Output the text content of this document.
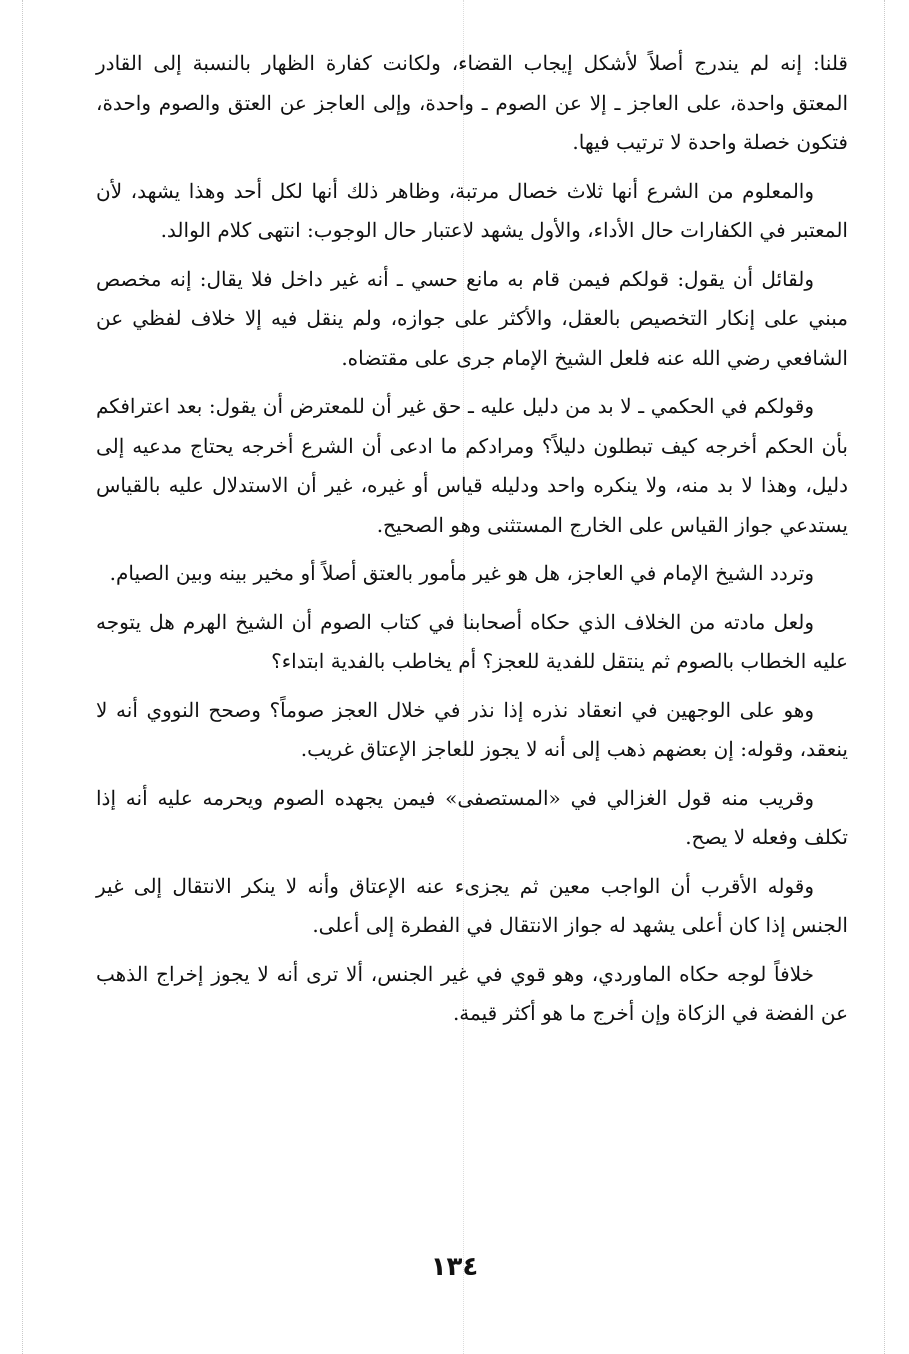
قلنا: إنه لم يندرج أصلاً لأشكل إيجاب القضاء، ولكانت كفارة الظهار بالنسبة إلى القادر المعتق واحدة، على العاجز ـ إلا عن الصوم ـ واحدة، وإلى العاجز عن العتق والصوم واحدة، فتكون خصلة واحدة لا ترتيب فيها.

والمعلوم من الشرع أنها ثلاث خصال مرتبة، وظاهر ذلك أنها لكل أحد وهذا يشهد، لأن المعتبر في الكفارات حال الأداء، والأول يشهد لاعتبار حال الوجوب: انتهى كلام الوالد.

ولقائل أن يقول: قولكم فيمن قام به مانع حسي ـ أنه غير داخل فلا يقال: إنه مخصص مبني على إنكار التخصيص بالعقل، والأكثر على جوازه، ولم ينقل فيه إلا خلاف لفظي عن الشافعي رضي الله عنه فلعل الشيخ الإمام جرى على مقتضاه.

وقولكم في الحكمي ـ لا بد من دليل عليه ـ حق غير أن للمعترض أن يقول: بعد اعترافكم بأن الحكم أخرجه كيف تبطلون دليلاً؟ ومرادكم ما ادعى أن الشرع أخرجه يحتاج مدعيه إلى دليل، وهذا لا بد منه، ولا ينكره واحد ودليله قياس أو غيره، غير أن الاستدلال عليه بالقياس يستدعي جواز القياس على الخارج المستثنى وهو الصحيح.

وتردد الشيخ الإمام في العاجز، هل هو غير مأمور بالعتق أصلاً أو مخير بينه وبين الصيام.

ولعل مادته من الخلاف الذي حكاه أصحابنا في كتاب الصوم أن الشيخ الهرم هل يتوجه عليه الخطاب بالصوم ثم ينتقل للفدية للعجز؟ أم يخاطب بالفدية ابتداء؟

وهو على الوجهين في انعقاد نذره إذا نذر في خلال العجز صوماً؟ وصحح النووي أنه لا ينعقد، وقوله: إن بعضهم ذهب إلى أنه لا يجوز للعاجز الإعتاق غريب.

وقريب منه قول الغزالي في «المستصفى» فيمن يجهده الصوم ويحرمه عليه أنه إذا تكلف وفعله لا يصح.

وقوله الأقرب أن الواجب معين ثم يجزىء عنه الإعتاق وأنه لا ينكر الانتقال إلى غير الجنس إذا كان أعلى يشهد له جواز الانتقال في الفطرة إلى أعلى.

خلافاً لوجه حكاه الماوردي، وهو قوي في غير الجنس، ألا ترى أنه لا يجوز إخراج الذهب عن الفضة في الزكاة وإن أخرج ما هو أكثر قيمة.

١٣٤
